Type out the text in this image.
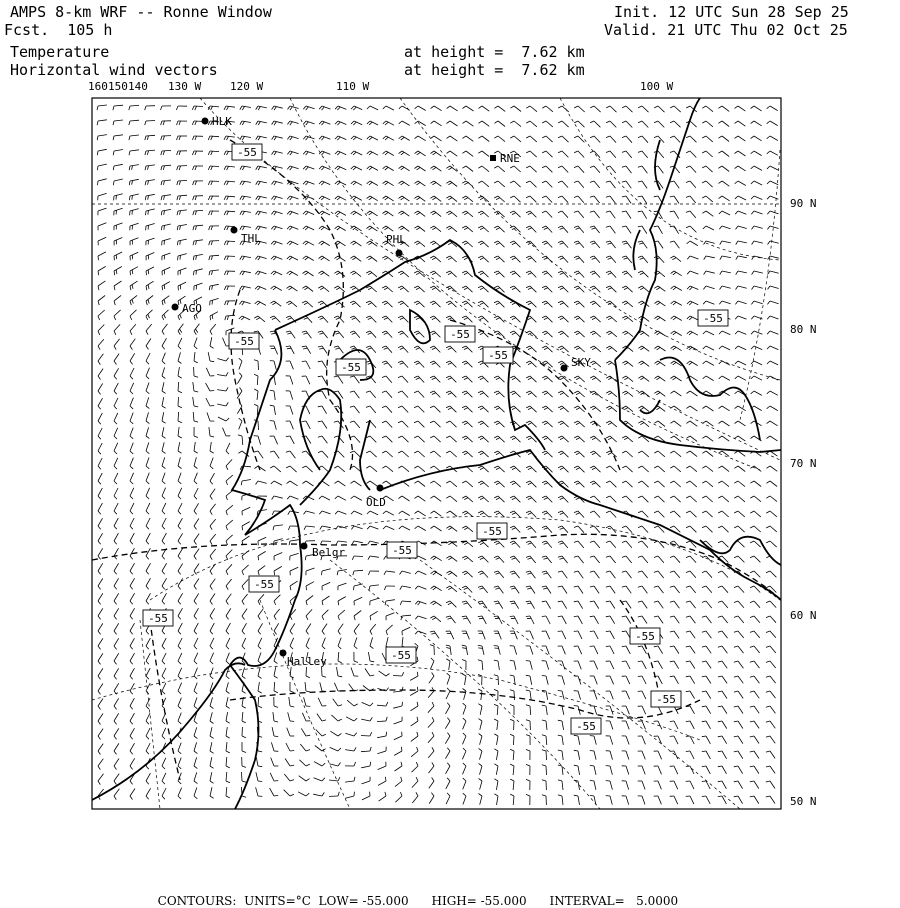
AMPS 8-km WRF -- Ronne Window
Fcst.  105 h
Temperature
Horizontal wind vectors
at height =  7.62 km
at height =  7.62 km
Init. 12 UTC Sun 28 Sep 25
Valid. 21 UTC Thu 02 Oct 25
HLK
RNE
THL	PHL
AGO
SKY
OLD
Belgr
Halley
-55
-55
-55
-55
-55
-55
-55
-55
-55
-55
-55
-55
-55
-55
160 150 140 130 W	120 W	110 W	100 W
90 N
80 N
70 N
60 N
50 N

CONTOURS: UNITS=°C LOW= -55.000 HIGH= -55.000 INTERVAL=   5.0000
